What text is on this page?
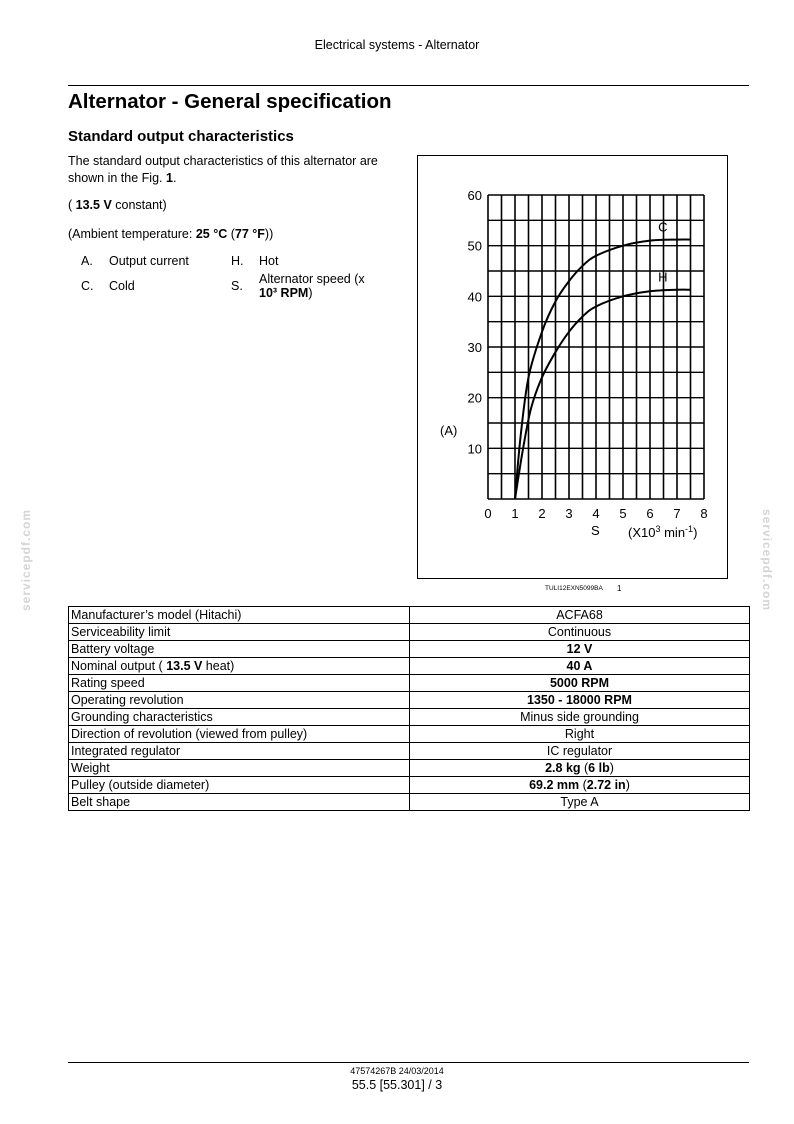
Electrical systems - Alternator
Alternator - General specification
Standard output characteristics
The standard output characteristics of this alternator are shown in the Fig. 1.
( 13.5 V constant)
(Ambient temperature: 25 °C (77 °F))
A. Output current	H. Hot
C. Cold	S. Alternator speed (x
10³ RPM)
servicepdf.com	servicepdf.com
10
20
30
40
50
60
0 1 2 3 4 5 6 7 8
C
H
(A)
S ($X10^3$ $\min^{-1}$)
TULI12EXN5099BA 1
Manufacturer’s model (Hitachi)	ACFA68
Serviceability limit	Continuous
Battery voltage	12 V
Nominal output ( 13.5 V heat)	40 A
Rating speed	5000 RPM
Operating revolution	1350 - 18000 RPM
Grounding characteristics	Minus side grounding
Direction of revolution (viewed from pulley)	Right
Integrated regulator	IC regulator
Weight	2.8 kg (6 lb)
Pulley (outside diameter)	69.2 mm (2.72 in)
Belt shape	Type A
47574267B 24/03/2014
55.5 [55.301] / 3
